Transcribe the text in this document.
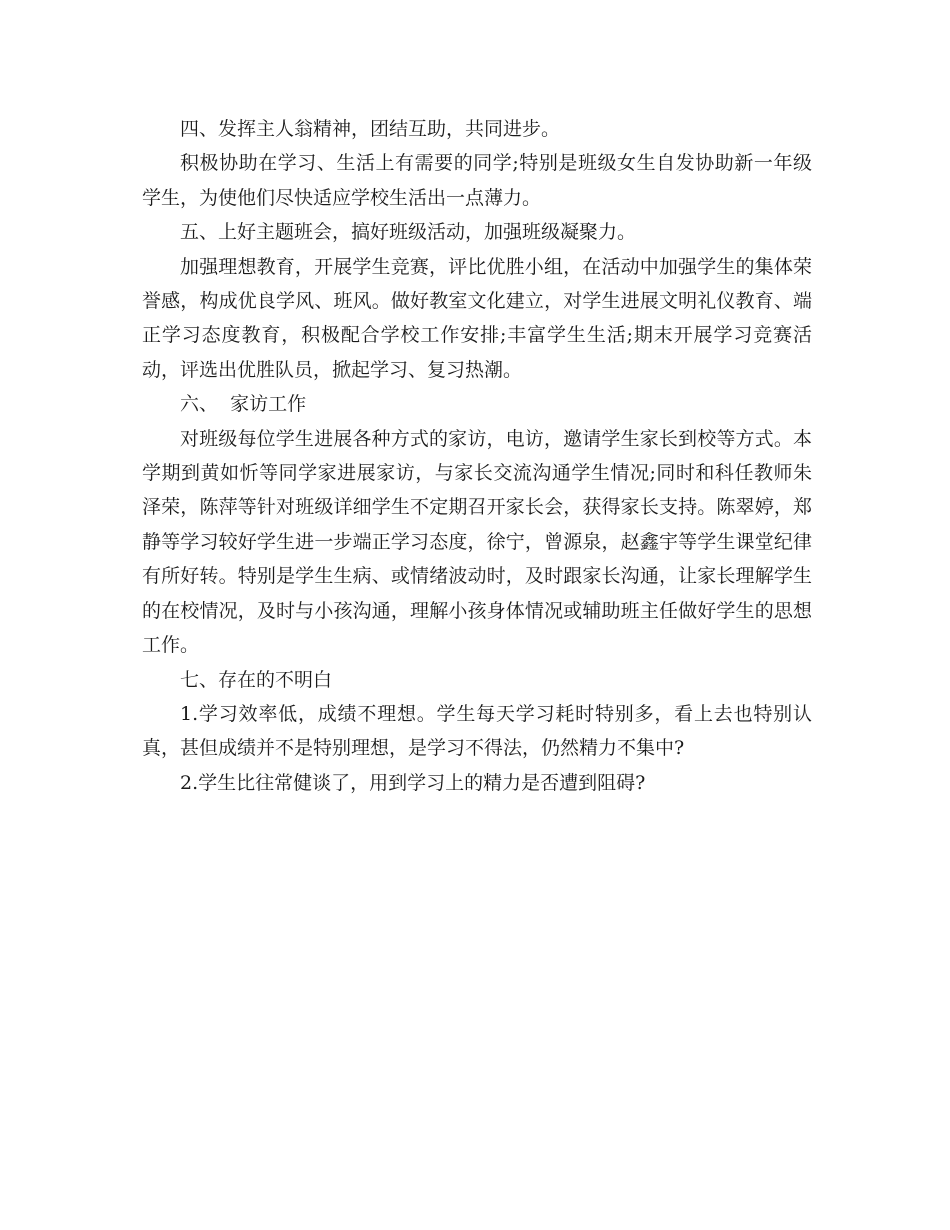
四、发挥主人翁精神，团结互助，共同进步。

积极协助在学习、生活上有需要的同学;特别是班级女生自发协助新一年级学生，为使他们尽快适应学校生活出一点薄力。

五、上好主题班会，搞好班级活动，加强班级凝聚力。

加强理想教育，开展学生竞赛，评比优胜小组，在活动中加强学生的集体荣誉感，构成优良学风、班风。做好教室文化建立，对学生进展文明礼仪教育、端正学习态度教育，积极配合学校工作安排;丰富学生生活;期末开展学习竞赛活动，评选出优胜队员，掀起学习、复习热潮。

六、  家访工作

对班级每位学生进展各种方式的家访，电访，邀请学生家长到校等方式。本学期到黄如忻等同学家进展家访，与家长交流沟通学生情况;同时和科任教师朱泽荣，陈萍等针对班级详细学生不定期召开家长会，获得家长支持。陈翠婷，郑静等学习较好学生进一步端正学习态度，徐宁，曾源泉，赵鑫宇等学生课堂纪律有所好转。特别是学生生病、或情绪波动时，及时跟家长沟通，让家长理解学生的在校情况，及时与小孩沟通，理解小孩身体情况或辅助班主任做好学生的思想工作。

七、存在的不明白

1.学习效率低，成绩不理想。学生每天学习耗时特别多，看上去也特别认真，甚但成绩并不是特别理想，是学习不得法，仍然精力不集中?

2.学生比往常健谈了，用到学习上的精力是否遭到阻碍?
